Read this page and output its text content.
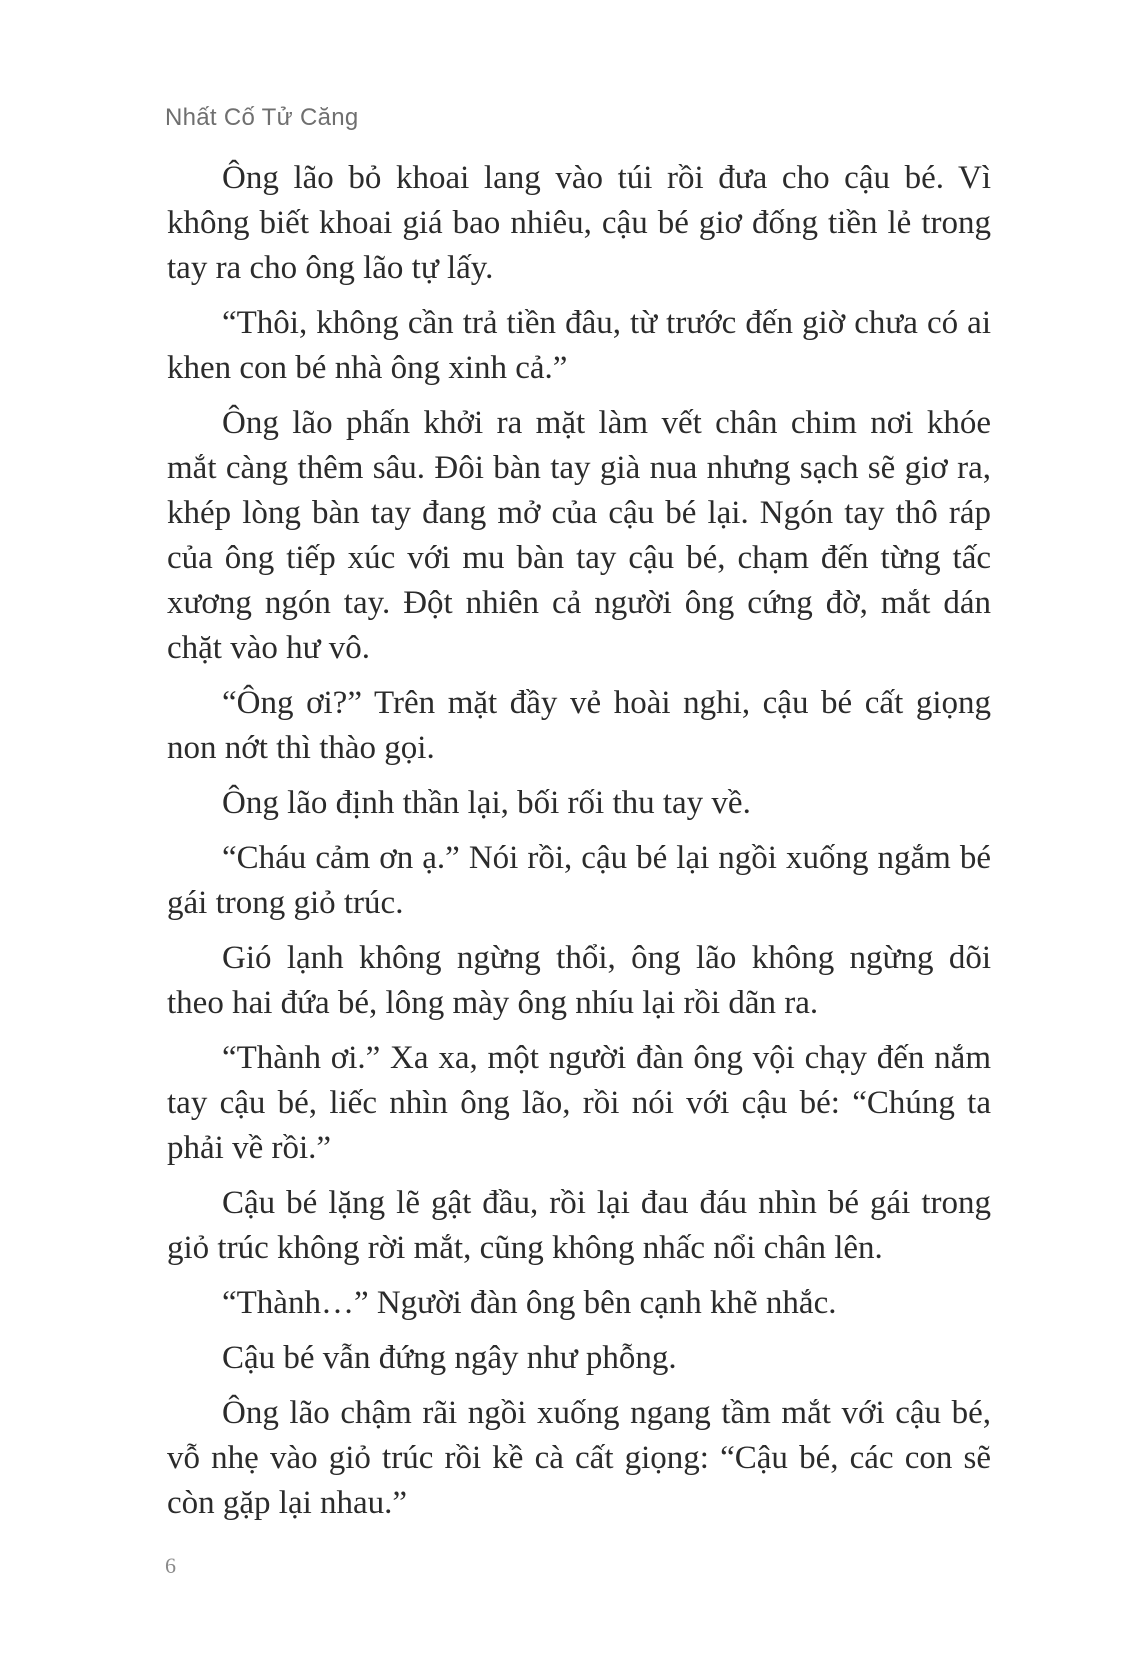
Nhất Cố Tử Căng

Ông lão bỏ khoai lang vào túi rồi đưa cho cậu bé. Vì không biết khoai giá bao nhiêu, cậu bé giơ đống tiền lẻ trong tay ra cho ông lão tự lấy.

“Thôi, không cần trả tiền đâu, từ trước đến giờ chưa có ai khen con bé nhà ông xinh cả.”

Ông lão phấn khởi ra mặt làm vết chân chim nơi khóe mắt càng thêm sâu. Đôi bàn tay già nua nhưng sạch sẽ giơ ra, khép lòng bàn tay đang mở của cậu bé lại. Ngón tay thô ráp của ông tiếp xúc với mu bàn tay cậu bé, chạm đến từng tấc xương ngón tay. Đột nhiên cả người ông cứng đờ, mắt dán chặt vào hư vô.

“Ông ơi?” Trên mặt đầy vẻ hoài nghi, cậu bé cất giọng non nớt thì thào gọi.

Ông lão định thần lại, bối rối thu tay về.

“Cháu cảm ơn ạ.” Nói rồi, cậu bé lại ngồi xuống ngắm bé gái trong giỏ trúc.

Gió lạnh không ngừng thổi, ông lão không ngừng dõi theo hai đứa bé, lông mày ông nhíu lại rồi dãn ra.

“Thành ơi.” Xa xa, một người đàn ông vội chạy đến nắm tay cậu bé, liếc nhìn ông lão, rồi nói với cậu bé: “Chúng ta phải về rồi.”

Cậu bé lặng lẽ gật đầu, rồi lại đau đáu nhìn bé gái trong giỏ trúc không rời mắt, cũng không nhấc nổi chân lên.

“Thành…” Người đàn ông bên cạnh khẽ nhắc.

Cậu bé vẫn đứng ngây như phỗng.

Ông lão chậm rãi ngồi xuống ngang tầm mắt với cậu bé, vỗ nhẹ vào giỏ trúc rồi kề cà cất giọng: “Cậu bé, các con sẽ còn gặp lại nhau.”

6
